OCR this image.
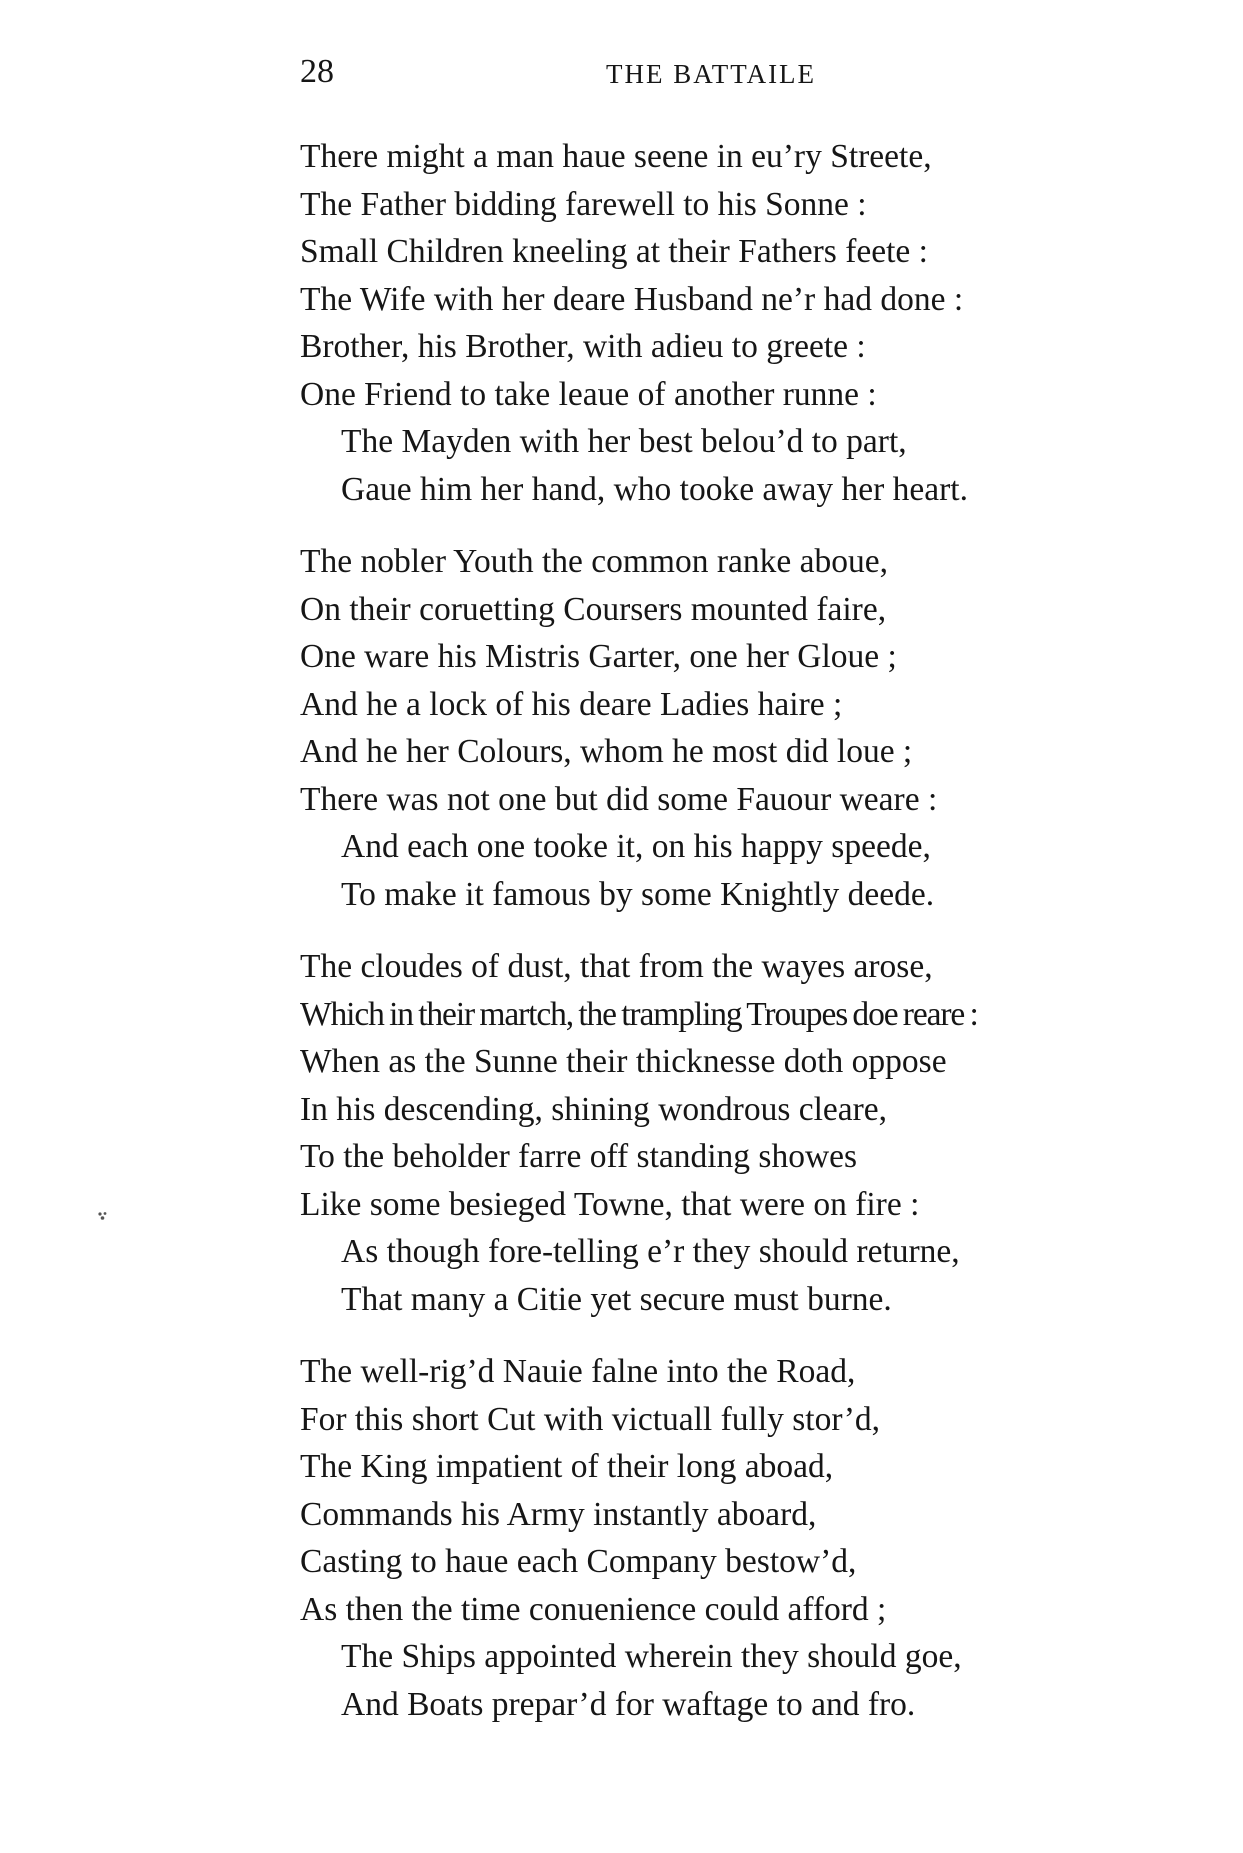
28	THE BATTAILE
There might a man haue seene in eu’ry Streete,
The Father bidding farewell to his Sonne :
Small Children kneeling at their Fathers feete :
The Wife with her deare Husband ne’r had done :
Brother, his Brother, with adieu to greete :
One Friend to take leaue of another runne :
The Mayden with her best belou’d to part,
Gaue him her hand, who tooke away her heart.
The nobler Youth the common ranke aboue,
On their coruetting Coursers mounted faire,
One ware his Mistris Garter, one her Gloue ;
And he a lock of his deare Ladies haire ;
And he her Colours, whom he most did loue ;
There was not one but did some Fauour weare :
And each one tooke it, on his happy speede,
To make it famous by some Knightly deede.
The cloudes of dust, that from the wayes arose,
Which in their martch, the trampling Troupes doe reare :
When as the Sunne their thicknesse doth oppose
In his descending, shining wondrous cleare,
To the beholder farre off standing showes
Like some besieged Towne, that were on fire :
As though fore-telling e’r they should returne,
That many a Citie yet secure must burne.
The well-rig’d Nauie falne into the Road,
For this short Cut with victuall fully stor’d,
The King impatient of their long aboad,
Commands his Army instantly aboard,
Casting to haue each Company bestow’d,
As then the time conuenience could afford ;
The Ships appointed wherein they should goe,
And Boats prepar’d for waftage to and fro.
